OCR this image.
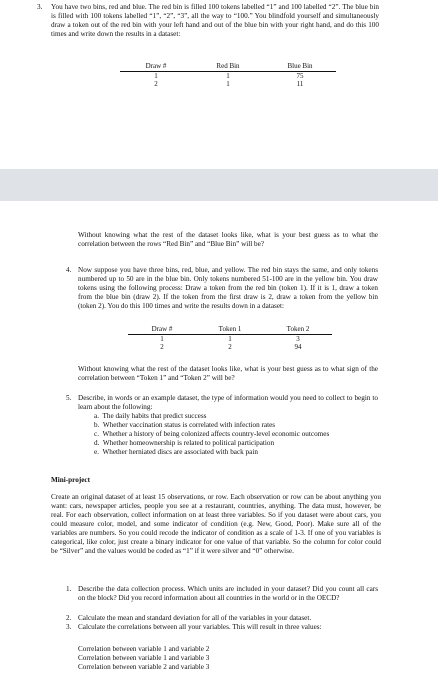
3. You have two bins, red and blue. The red bin is filled 100 tokens labelled “1” and 100 labelled “2”. The blue bin is filled with 100 tokens labelled “1”, “2”, “3”, all the way to “100.” You blindfold yourself and simultaneously draw a token out of the red bin with your left hand and out of the blue bin with your right hand, and do this 100 times and write down the results in a dataset:
Draw #	Red Bin	Blue Bin
1	1	75
2	1	11
Without knowing what the rest of the dataset looks like, what is your best guess as to what the correlation between the rows “Red Bin” and “Blue Bin” will be?
4. Now suppose you have three bins, red, blue, and yellow. The red bin stays the same, and only tokens numbered up to 50 are in the blue bin. Only tokens numbered 51-100 are in the yellow bin. You draw tokens using the following process: Draw a token from the red bin (token 1). If it is 1, draw a token from the blue bin (draw 2). If the token from the first draw is 2, draw a token from the yellow bin (token 2). You do this 100 times and write the results down in a dataset:
Draw #	Token 1	Token 2
1	1	3
2	2	94
Without knowing what the rest of the dataset looks like, what is your best guess as to what sign of the correlation between “Token 1” and “Token 2” will be?
5. Describe, in words or an example dataset, the type of information would you need to collect to begin to learn about the following:
a. The daily habits that predict success
b. Whether vaccination status is correlated with infection rates
c. Whether a history of being colonized affects country-level economic outcomes
d. Whether homeownership is related to political participation
e. Whether herniated discs are associated with back pain
Mini-project
Create an original dataset of at least 15 observations, or row. Each observation or row can be about anything you want: cars, newspaper articles, people you see at a restaurant, countries, anything. The data must, however, be real. For each observation, collect information on at least three variables. So if you dataset were about cars, you could measure color, model, and some indicator of condition (e.g. New, Good, Poor). Make sure all of the variables are numbers. So you could recode the indicator of condition as a scale of 1-3. If one of you variables is categorical, like color, just create a binary indicator for one value of that variable. So the column for color could be “Silver” and the values would be coded as “1” if it were silver and “0” otherwise.
1. Describe the data collection process. Which units are included in your dataset? Did you count all cars on the block? Did you record information about all countries in the world or in the OECD?
2. Calculate the mean and standard deviation for all of the variables in your dataset.
3. Calculate the correlations between all your variables. This will result in three values:
Correlation between variable 1 and variable 2
Correlation between variable 1 and variable 3
Correlation between variable 2 and variable 3
